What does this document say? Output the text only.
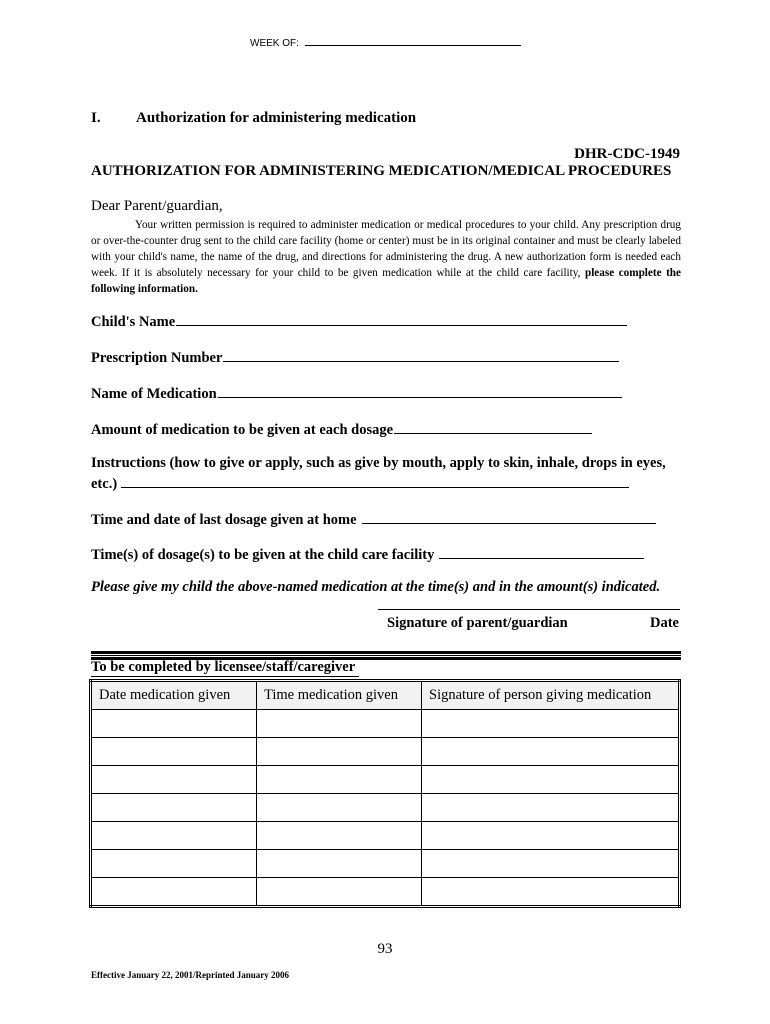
WEEK OF:
I. Authorization for administering medication
DHR-CDC-1949
AUTHORIZATION FOR ADMINISTERING MEDICATION/MEDICAL PROCEDURES
Dear Parent/guardian,
Your written permission is required to administer medication or medical procedures to your child. Any prescription drug or over-the-counter drug sent to the child care facility (home or center) must be in its original container and must be clearly labeled with your child's name, the name of the drug, and directions for administering the drug. A new authorization form is needed each week. If it is absolutely necessary for your child to be given medication while at the child care facility, please complete the following information.
Child's Name
Prescription Number
Name of Medication
Amount of medication to be given at each dosage
Instructions (how to give or apply, such as give by mouth, apply to skin, inhale, drops in eyes,
etc.)
Time and date of last dosage given at home
Time(s) of dosage(s) to be given at the child care facility
Please give my child the above-named medication at the time(s) and in the amount(s) indicated.
Signature of parent/guardian	Date
To be completed by licensee/staff/caregiver
Date medication given	Time medication given	Signature of person giving medication

93
Effective January 22, 2001/Reprinted January 2006
